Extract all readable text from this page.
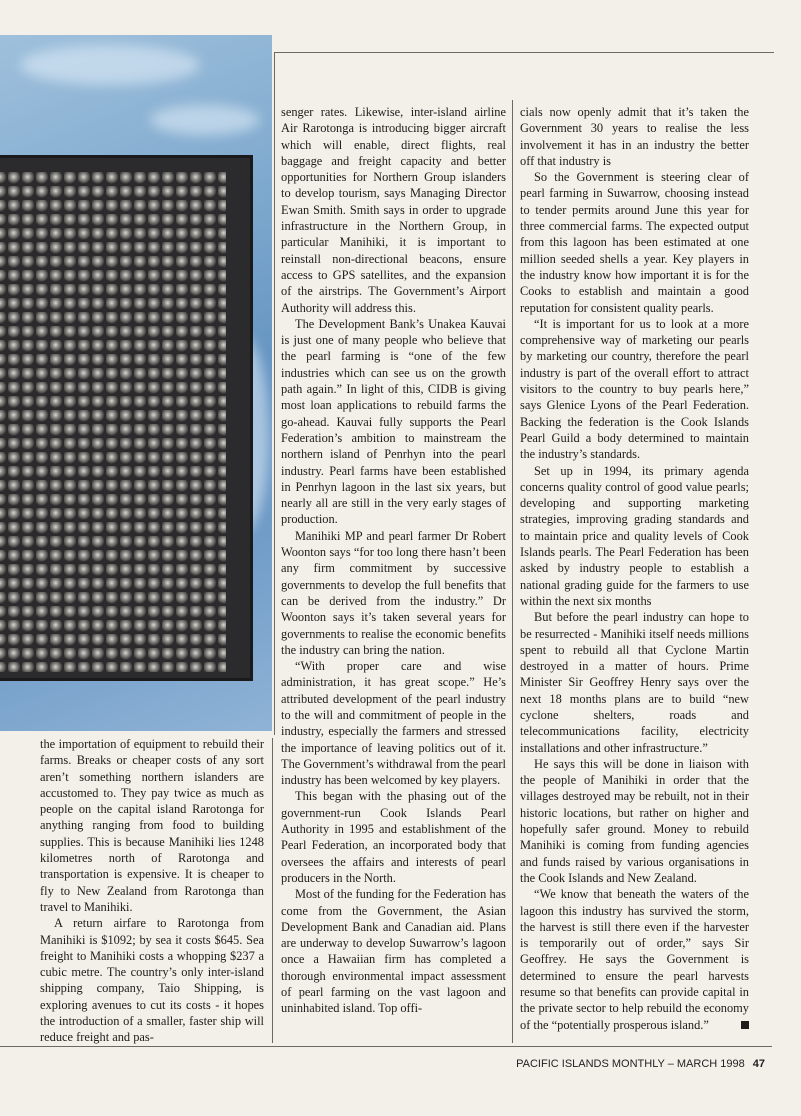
the importation of equipment to rebuild their farms. Breaks or cheaper costs of any sort aren’t something northern islanders are accustomed to. They pay twice as much as people on the capital island Rarotonga for anything ranging from food to building supplies. This is because Manihiki lies 1248 kilometres north of Rarotonga and transportation is expensive. It is cheaper to fly to New Zealand from Rarotonga than travel to Manihiki.

A return airfare to Rarotonga from Manihiki is $1092; by sea it costs $645. Sea freight to Manihiki costs a whopping $237 a cubic metre. The country’s only inter-island shipping company, Taio Shipping, is exploring avenues to cut its costs - it hopes the introduction of a smaller, faster ship will reduce freight and pas-

senger rates. Likewise, inter-island airline Air Rarotonga is introducing bigger aircraft which will enable, direct flights, real baggage and freight capacity and better opportunities for Northern Group islanders to develop tourism, says Managing Director Ewan Smith. Smith says in order to upgrade infrastructure in the Northern Group, in particular Manihiki, it is important to reinstall non-directional beacons, ensure access to GPS satellites, and the expansion of the airstrips. The Government’s Airport Authority will address this.

The Development Bank’s Unakea Kauvai is just one of many people who believe that the pearl farming is “one of the few industries which can see us on the growth path again.” In light of this, CIDB is giving most loan applications to rebuild farms the go-ahead. Kauvai fully supports the Pearl Federation’s ambition to mainstream the northern island of Penrhyn into the pearl industry. Pearl farms have been established in Penrhyn lagoon in the last six years, but nearly all are still in the very early stages of production.

Manihiki MP and pearl farmer Dr Robert Woonton says “for too long there hasn’t been any firm commitment by successive governments to develop the full benefits that can be derived from the industry.” Dr Woonton says it’s taken several years for governments to realise the economic benefits the industry can bring the nation.

“With proper care and wise administration, it has great scope.” He’s attributed development of the pearl industry to the will and commitment of people in the industry, especially the farmers and stressed the importance of leaving politics out of it. The Government’s withdrawal from the pearl industry has been welcomed by key players.

This began with the phasing out of the government-run Cook Islands Pearl Authority in 1995 and establishment of the Pearl Federation, an incorporated body that oversees the affairs and interests of pearl producers in the North.

Most of the funding for the Federation has come from the Government, the Asian Development Bank and Canadian aid. Plans are underway to develop Suwarrow’s lagoon once a Hawaiian firm has completed a thorough environmental impact assessment of pearl farming on the vast lagoon and uninhabited island. Top offi-

cials now openly admit that it’s taken the Government 30 years to realise the less involvement it has in an industry the better off that industry is

So the Government is steering clear of pearl farming in Suwarrow, choosing instead to tender permits around June this year for three commercial farms. The expected output from this lagoon has been estimated at one million seeded shells a year. Key players in the industry know how important it is for the Cooks to establish and maintain a good reputation for consistent quality pearls.

“It is important for us to look at a more comprehensive way of marketing our pearls by marketing our country, therefore the pearl industry is part of the overall effort to attract visitors to the country to buy pearls here,” says Glenice Lyons of the Pearl Federation. Backing the federation is the Cook Islands Pearl Guild a body determined to maintain the industry’s standards.

Set up in 1994, its primary agenda concerns quality control of good value pearls; developing and supporting marketing strategies, improving grading standards and to maintain price and quality levels of Cook Islands pearls. The Pearl Federation has been asked by industry people to establish a national grading guide for the farmers to use within the next six months

But before the pearl industry can hope to be resurrected - Manihiki itself needs millions spent to rebuild all that Cyclone Martin destroyed in a matter of hours. Prime Minister Sir Geoffrey Henry says over the next 18 months plans are to build “new cyclone shelters, roads and telecommunications facility, electricity installations and other infrastructure.”

He says this will be done in liaison with the people of Manihiki in order that the villages destroyed may be rebuilt, not in their historic locations, but rather on higher and hopefully safer ground. Money to rebuild Manihiki is coming from funding agencies and funds raised by various organisations in the Cook Islands and New Zealand.

“We know that beneath the waters of the lagoon this industry has survived the storm, the harvest is still there even if the harvester is temporarily out of order,” says Sir Geoffrey. He says the Government is determined to ensure the pearl harvests resume so that benefits can provide capital in the private sector to help rebuild the economy of the “potentially prosperous island.”

PACIFIC ISLANDS MONTHLY – MARCH 1998 47
